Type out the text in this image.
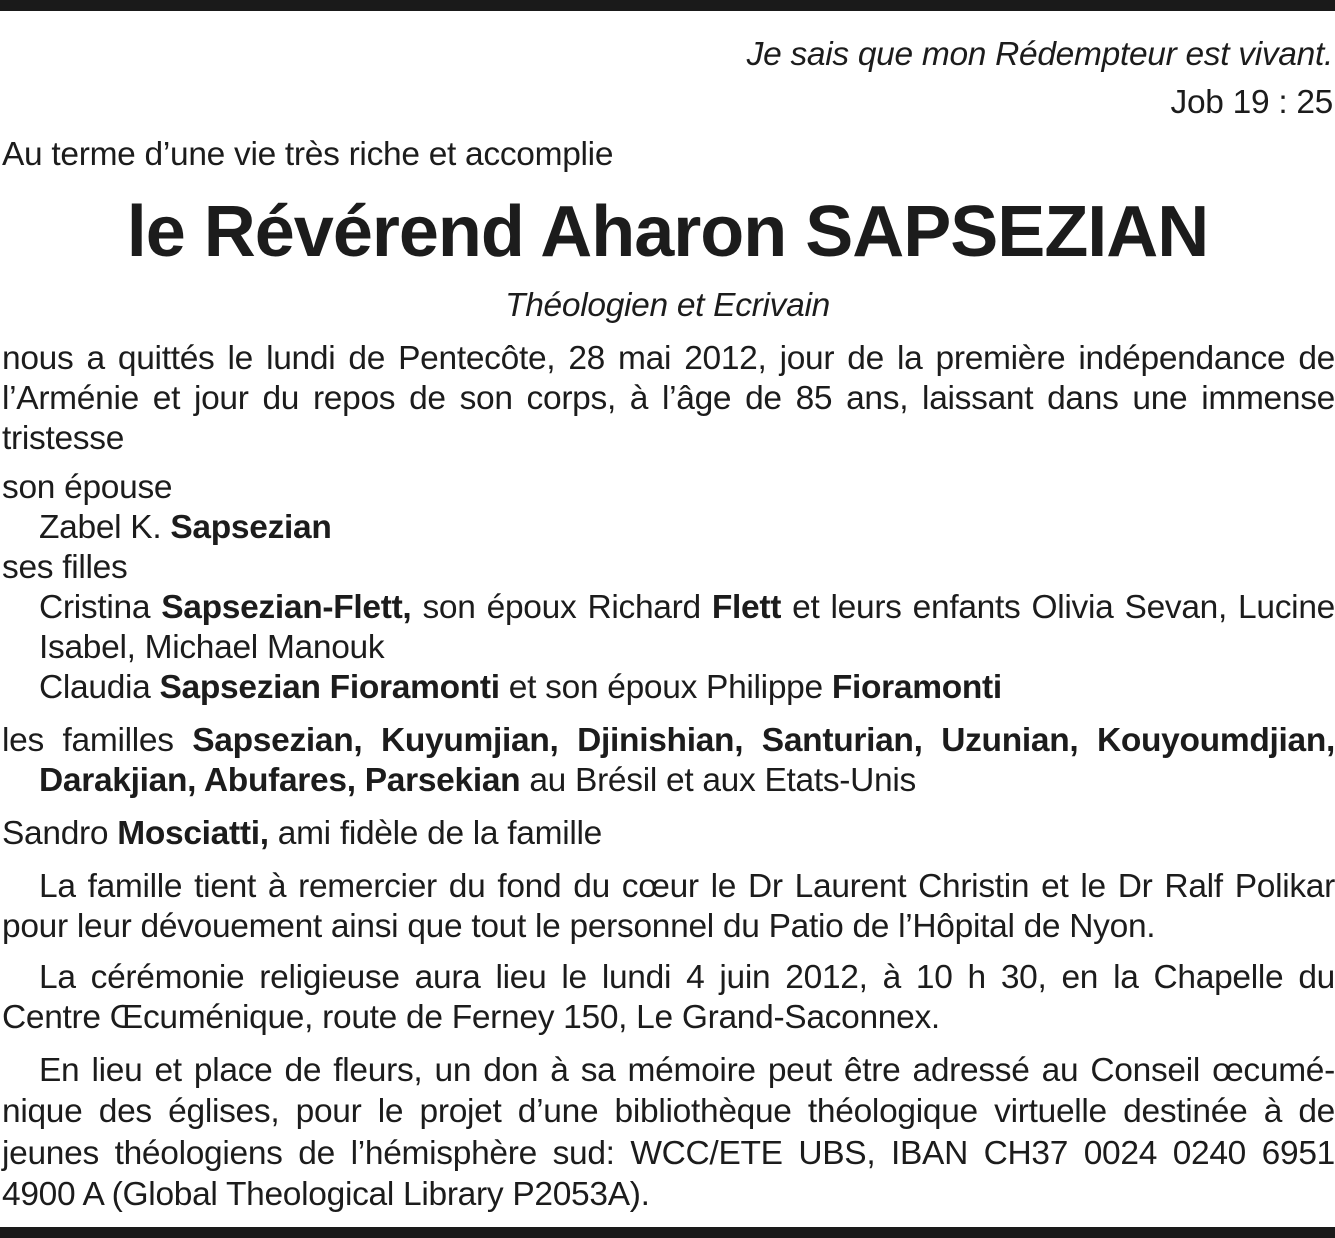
Je sais que mon Rédempteur est vivant.
Job 19 : 25
Au terme d’une vie très riche et accomplie
le Révérend Aharon SAPSEZIAN
Théologien et Ecrivain
nous a quittés le lundi de Pentecôte, 28 mai 2012, jour de la première indépendance de
l’Arménie et jour du repos de son corps, à l’âge de 85 ans, laissant dans une immense
tristesse
son épouse
Zabel K. Sapsezian
ses filles
Cristina Sapsezian-Flett, son époux Richard Flett et leurs enfants Olivia Sevan, Lucine
Isabel, Michael Manouk
Claudia Sapsezian Fioramonti et son époux Philippe Fioramonti
les familles Sapsezian, Kuyumjian, Djinishian, Santurian, Uzunian, Kouyoumdjian,
Darakjian, Abufares, Parsekian au Brésil et aux Etats-Unis
Sandro Mosciatti, ami fidèle de la famille
La famille tient à remercier du fond du cœur le Dr Laurent Christin et le Dr Ralf Polikar
pour leur dévouement ainsi que tout le personnel du Patio de l’Hôpital de Nyon.
La cérémonie religieuse aura lieu le lundi 4 juin 2012, à 10 h 30, en la Chapelle du
Centre Œcuménique, route de Ferney 150, Le Grand-Saconnex.
En lieu et place de fleurs, un don à sa mémoire peut être adressé au Conseil œcumé-
nique des églises, pour le projet d’une bibliothèque théologique virtuelle destinée à de
jeunes théologiens de l’hémisphère sud: WCC/ETE UBS, IBAN CH37 0024 0240 6951
4900 A (Global Theological Library P2053A).
